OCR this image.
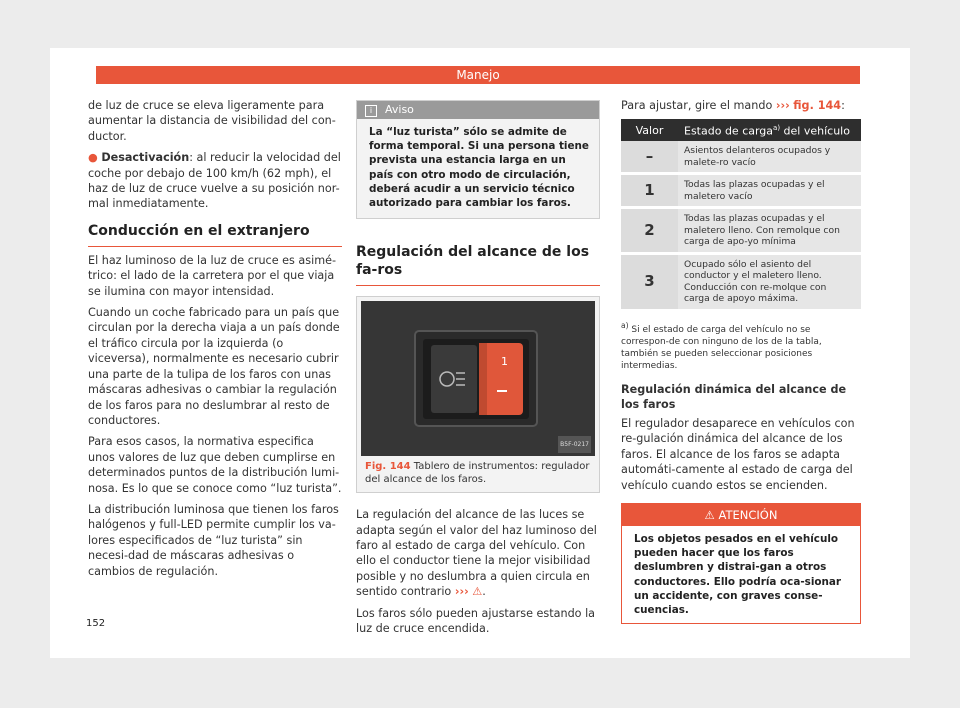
Manejo

de luz de cruce se eleva ligeramente para aumentar la distancia de visibilidad del con-ductor.

● Desactivación: al reducir la velocidad del coche por debajo de 100 km/h (62 mph), el haz de luz de cruce vuelve a su posición nor-mal inmediatamente.

Conducción en el extranjero

El haz luminoso de la luz de cruce es asimé-trico: el lado de la carretera por el que viaja se ilumina con mayor intensidad.

Cuando un coche fabricado para un país que circulan por la derecha viaja a un país donde el tráfico circula por la izquierda (o viceversa), normalmente es necesario cubrir una parte de la tulipa de los faros con unas máscaras adhesivas o cambiar la regulación de los faros para no deslumbrar al resto de conductores.

Para esos casos, la normativa especifica unos valores de luz que deben cumplirse en determinados puntos de la distribución lumi-nosa. Es lo que se conoce como “luz turista”.

La distribución luminosa que tienen los faros halógenos y full-LED permite cumplir los va-lores especificados de “luz turista” sin necesi-dad de máscaras adhesivas o cambios de regulación.

i Aviso
La “luz turista” sólo se admite de forma temporal. Si una persona tiene prevista una estancia larga en un país con otro modo de circulación, deberá acudir a un servicio técnico autorizado para cambiar los faros.
Regulación del alcance de los fa-ros
1
B5F-0217
Fig. 144 Tablero de instrumentos: regulador del alcance de los faros.

La regulación del alcance de las luces se adapta según el valor del haz luminoso del faro al estado de carga del vehículo. Con ello el conductor tiene la mejor visibilidad posible y no deslumbra a quien circula en sentido contrario ››› ⚠.

Los faros sólo pueden ajustarse estando la luz de cruce encendida.

Para ajustar, gire el mando ››› fig. 144:

Valor	Estado de carga$^{a)}$ del vehículo
–	Asientos delanteros ocupados y malete-ro vacío
1	Todas las plazas ocupadas y el maletero vacío
2	Todas las plazas ocupadas y el maletero lleno. Con remolque con carga de apo-yo mínima
3	Ocupado sólo el asiento del conductor y el maletero lleno. Conducción con re-molque con carga de apoyo máxima.
$^{a)}$ Si el estado de carga del vehículo no se correspon-de con ninguno de los de la tabla, también se pueden seleccionar posiciones intermedias.
Regulación dinámica del alcance de los faros

El regulador desaparece en vehículos con re-gulación dinámica del alcance de los faros. El alcance de los faros se adapta automáti-camente al estado de carga del vehículo cuando estos se encienden.

⚠ ATENCIÓN
Los objetos pesados en el vehículo pueden hacer que los faros deslumbren y distrai-gan a otros conductores. Ello podría oca-sionar un accidente, con graves conse-cuencias.
152
